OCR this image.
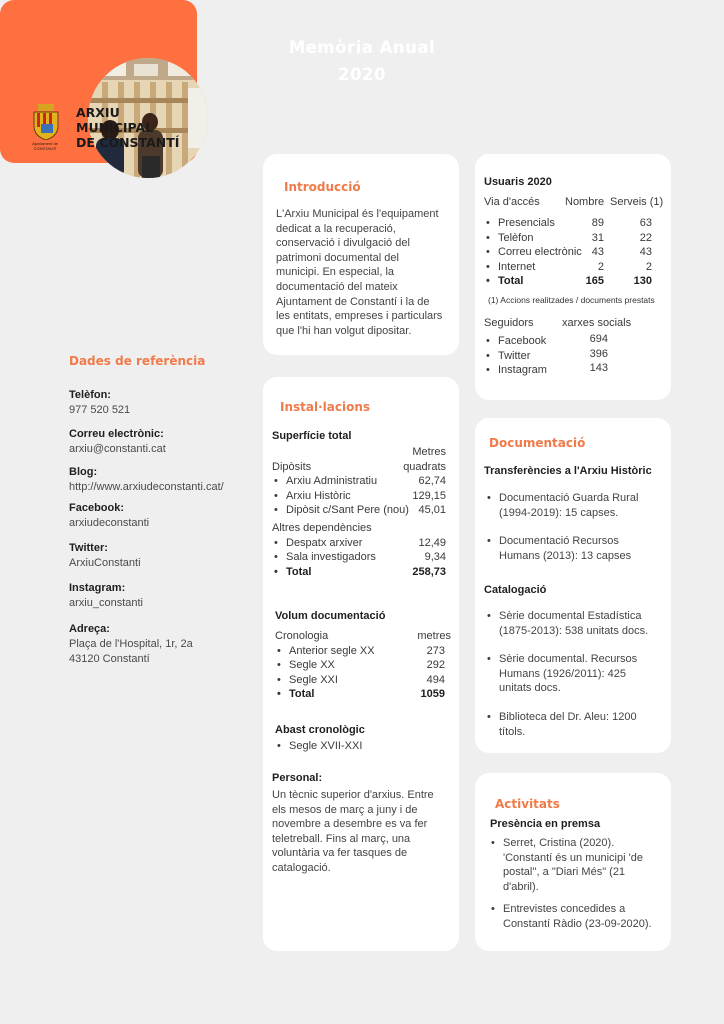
Memòria Anual
2020
Ajuntament de CONSTANTÍ
ARXIU
MUNICIPAL
DE CONSTANTÍ
Dades de referència
Telèfon:
977 520 521
Correu electrònic:
arxiu@constanti.cat
Blog:
http://www.arxiudeconstanti.cat/
Facebook:
arxiudeconstanti
Twitter:
ArxiuConstanti
Instagram:
arxiu_constanti
Adreça:
Plaça de l'Hospital, 1r, 2a
43120 Constantí
Introducció
L'Arxiu Municipal és l'equipament
dedicat a la recuperació,
conservació i divulgació del
patrimoni documental del
municipi. En especial, la
documentació del mateix
Ajuntament de Constantí i la de
les entitats, empreses i particulars
que l'hi han volgut dipositar.
Instal·lacions
Superfície total
Metres
Dipòsits	quadrats
• Arxiu Administratiu	62,74
• Arxiu Històric	129,15
• Dipòsit c/Sant Pere (nou) 45,01
Altres dependències
• Despatx arxiver	12,49
• Sala investigadors	9,34
• Total	258,73
Volum documentació
Cronologia	metres
• Anterior segle XX	273
• Segle XX	292
• Segle XXI	494
• Total	1059
Abast cronològic
• Segle XVII-XXI
Personal:
Un tècnic superior d'arxius. Entre
els mesos de març a juny i de
novembre a desembre es va fer
teletreball. Fins al març, una
voluntària va fer tasques de
catalogació.
Usuaris 2020
Via d'accés Nombre Serveis (1)
• Presencials	89	63
• Telèfon	31	22
• Correu electrònic 43	43
• Internet	2	2
• Total	165	130
(1) Accions realitzades / documents prestats
Seguidors	xarxes socials
• Facebook	694
• Twitter	396
• Instagram	143
Documentació
Transferències a l'Arxiu Històric
• Documentació Guarda Rural
(1994-2019): 15 capses.
• Documentació Recursos
Humans (2013): 13 capses
Catalogació
• Sèrie documental Estadística
(1875-2013): 538 unitats docs.
• Sèrie documental. Recursos
Humans (1926/2011): 425
unitats docs.
• Biblioteca del Dr. Aleu: 1200
títols.
Activitats
Presència en premsa
• Serret, Cristina (2020).
'Constantí és un municipi 'de
postal'', a "Diari Més" (21
d'abril).
• Entrevistes concedides a
Constantí Ràdio (23-09-2020).
